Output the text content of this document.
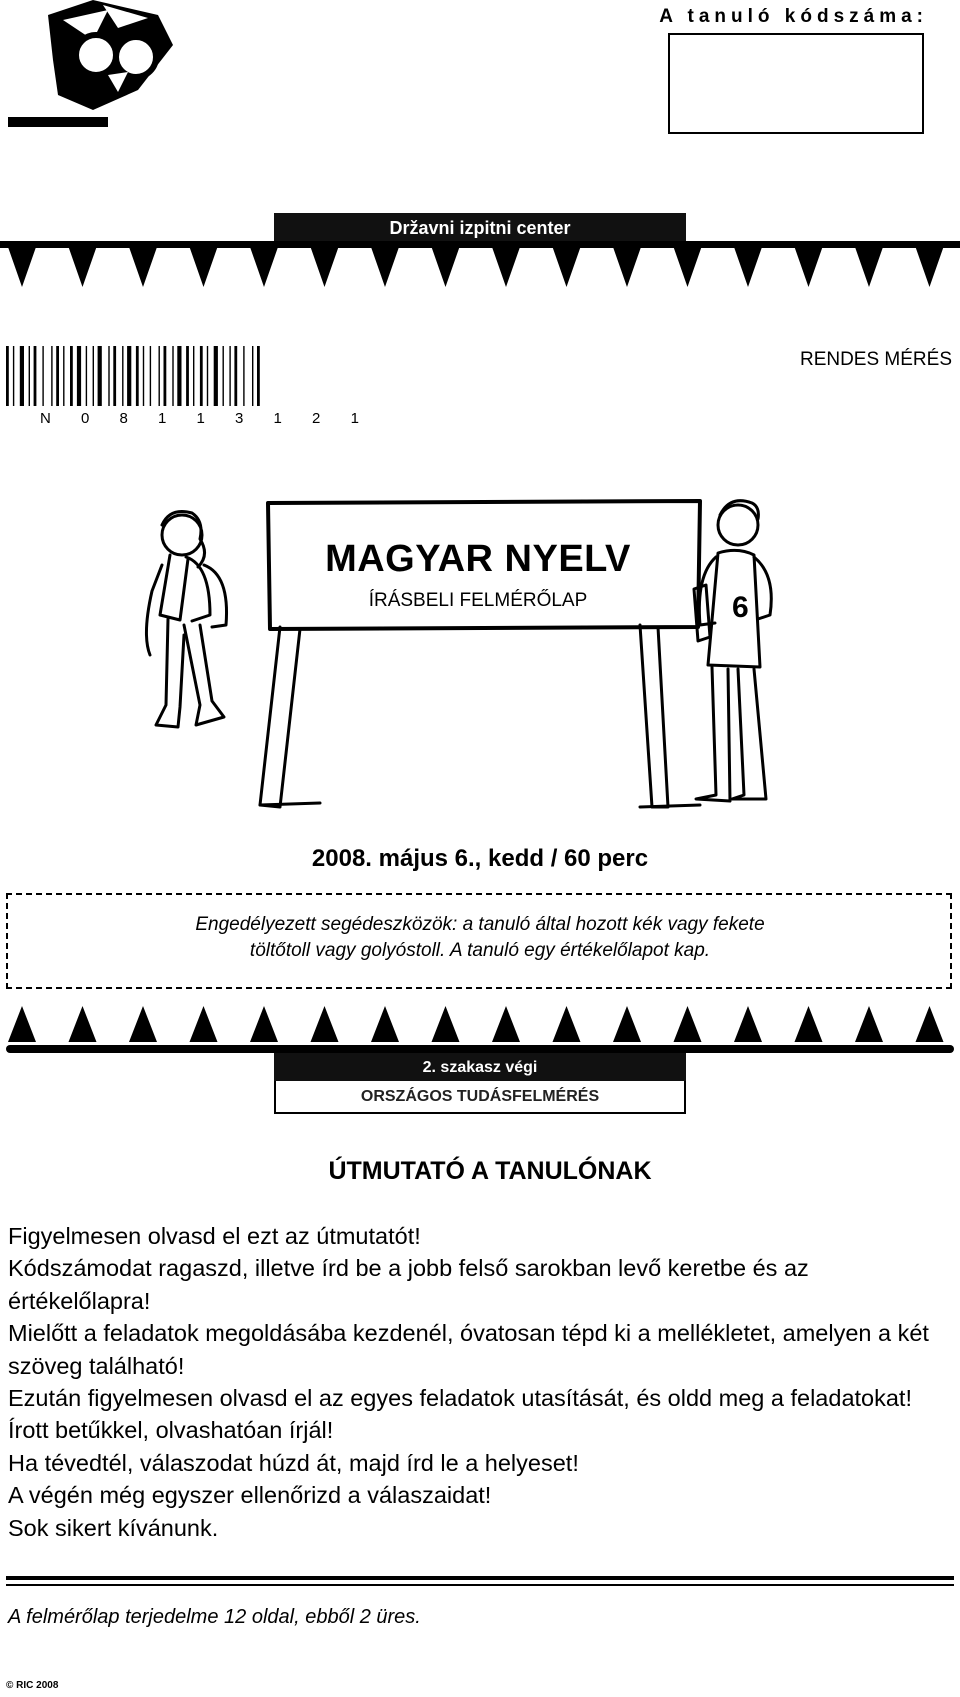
A tanuló kódszáma:
Državni izpitni center
N 0 8 1 1 3 1 2 1
RENDES MÉRÉS
6
MAGYAR NYELV
ÍRÁSBELI FELMÉRŐLAP
2008. május 6., kedd / 60 perc
Engedélyezett segédeszközök: a tanuló által hozott kék vagy fekete
töltőtoll vagy golyóstoll. A tanuló egy értékelőlapot kap.
2. szakasz végi
ORSZÁGOS TUDÁSFELMÉRÉS
ÚTMUTATÓ A TANULÓNAK

Figyelmesen olvasd el ezt az útmutatót!

Kódszámodat ragaszd, illetve írd be a jobb felső sarokban levő keretbe és az értékelőlapra!

Mielőtt a feladatok megoldásába kezdenél, óvatosan tépd ki a mellékletet, amelyen a két szöveg található!

Ezután figyelmesen olvasd el az egyes feladatok utasítását, és oldd meg a feladatokat!

Írott betűkkel, olvashatóan írjál!

Ha tévedtél, válaszodat húzd át, majd írd le a helyeset!

A végén még egyszer ellenőrizd a válaszaidat!

Sok sikert kívánunk.

A felmérőlap terjedelme 12 oldal, ebből 2 üres.
© RIC 2008
